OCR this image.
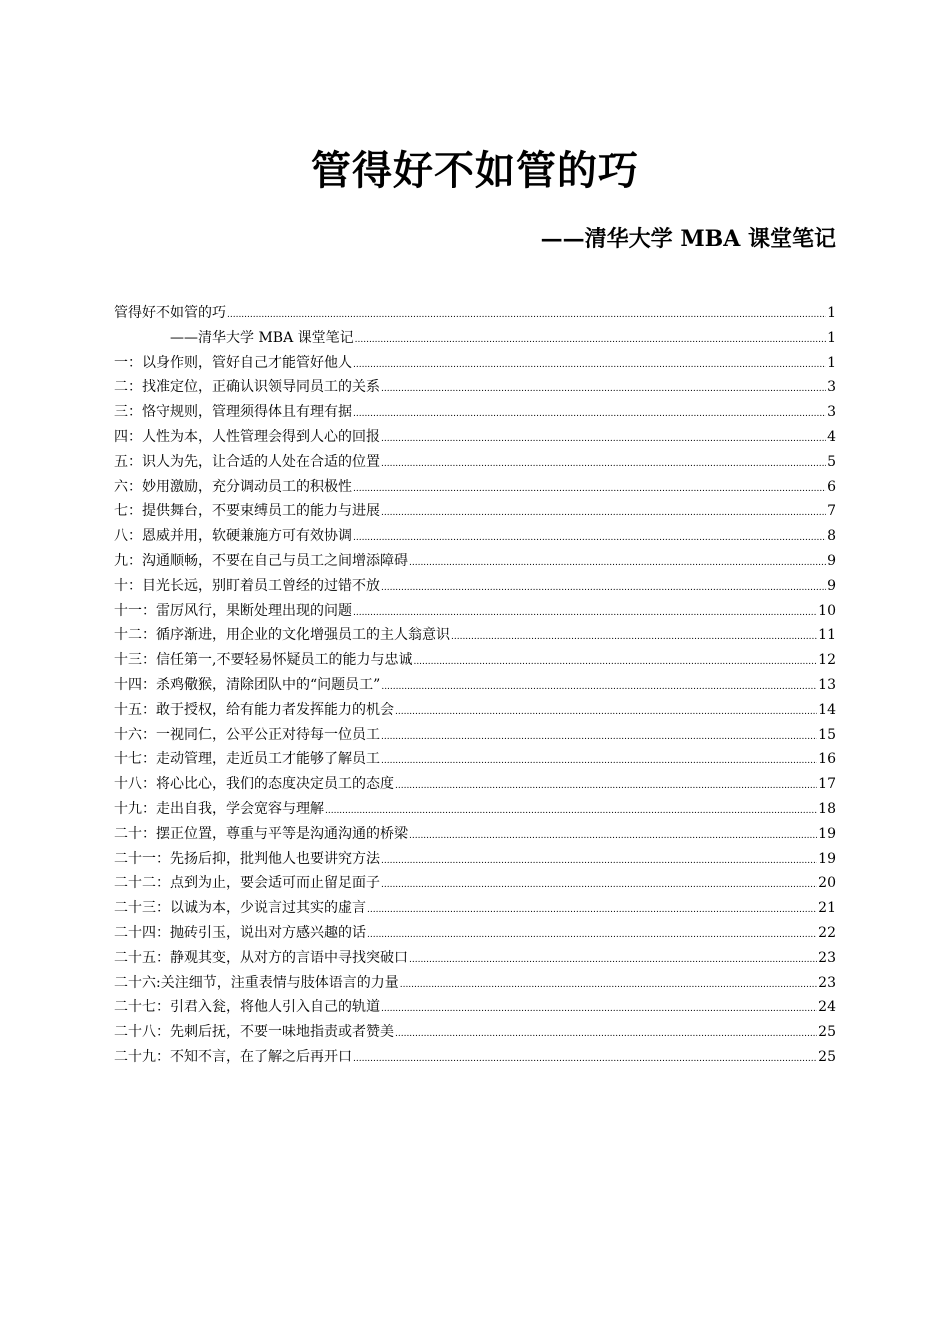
管得好不如管的巧
——清华大学 MBA 课堂笔记
管得好不如管的巧 .....	1
——清华大学 MBA 课堂笔记 .....	1
一：以身作则，管好自己才能管好他人 .....	1
二：找准定位，正确认识领导同员工的关系 .....	3
三：恪守规则，管理须得体且有理有据 .....	3
四：人性为本，人性管理会得到人心的回报 .....	4
五：识人为先，让合适的人处在合适的位置 .....	5
六：妙用激励，充分调动员工的积极性 .....	6
七：提供舞台，不要束缚员工的能力与进展 .....	7
八：恩威并用，软硬兼施方可有效协调 .....	8
九：沟通顺畅，不要在自己与员工之间增添障碍 .....	9
十：目光长远，别盯着员工曾经的过错不放 .....	9
十一：雷厉风行，果断处理出现的问题 .....	10
十二：循序渐进，用企业的文化增强员工的主人翁意识 .....	11
十三：信任第一,不要轻易怀疑员工的能力与忠诚 .....	12
十四：杀鸡儆猴，清除团队中的“问题员工” .....	13
十五：敢于授权，给有能力者发挥能力的机会 .....	14
十六：一视同仁，公平公正对待每一位员工 .....	15
十七：走动管理，走近员工才能够了解员工 .....	16
十八：将心比心，我们的态度决定员工的态度 .....	17
十九：走出自我，学会宽容与理解 .....	18
二十：摆正位置，尊重与平等是沟通沟通的桥梁 .....	19
二十一：先扬后抑，批判他人也要讲究方法 .....	19
二十二：点到为止，要会适可而止留足面子 .....	20
二十三：以诚为本，少说言过其实的虚言 .....	21
二十四：抛砖引玉，说出对方感兴趣的话 .....	22
二十五：静观其变，从对方的言语中寻找突破口 .....	23
二十六:关注细节，注重表情与肢体语言的力量 .....	23
二十七：引君入瓮，将他人引入自己的轨道 .....	24
二十八：先刺后抚，不要一味地指责或者赞美 .....	25
二十九：不知不言，在了解之后再开口 .....	25
